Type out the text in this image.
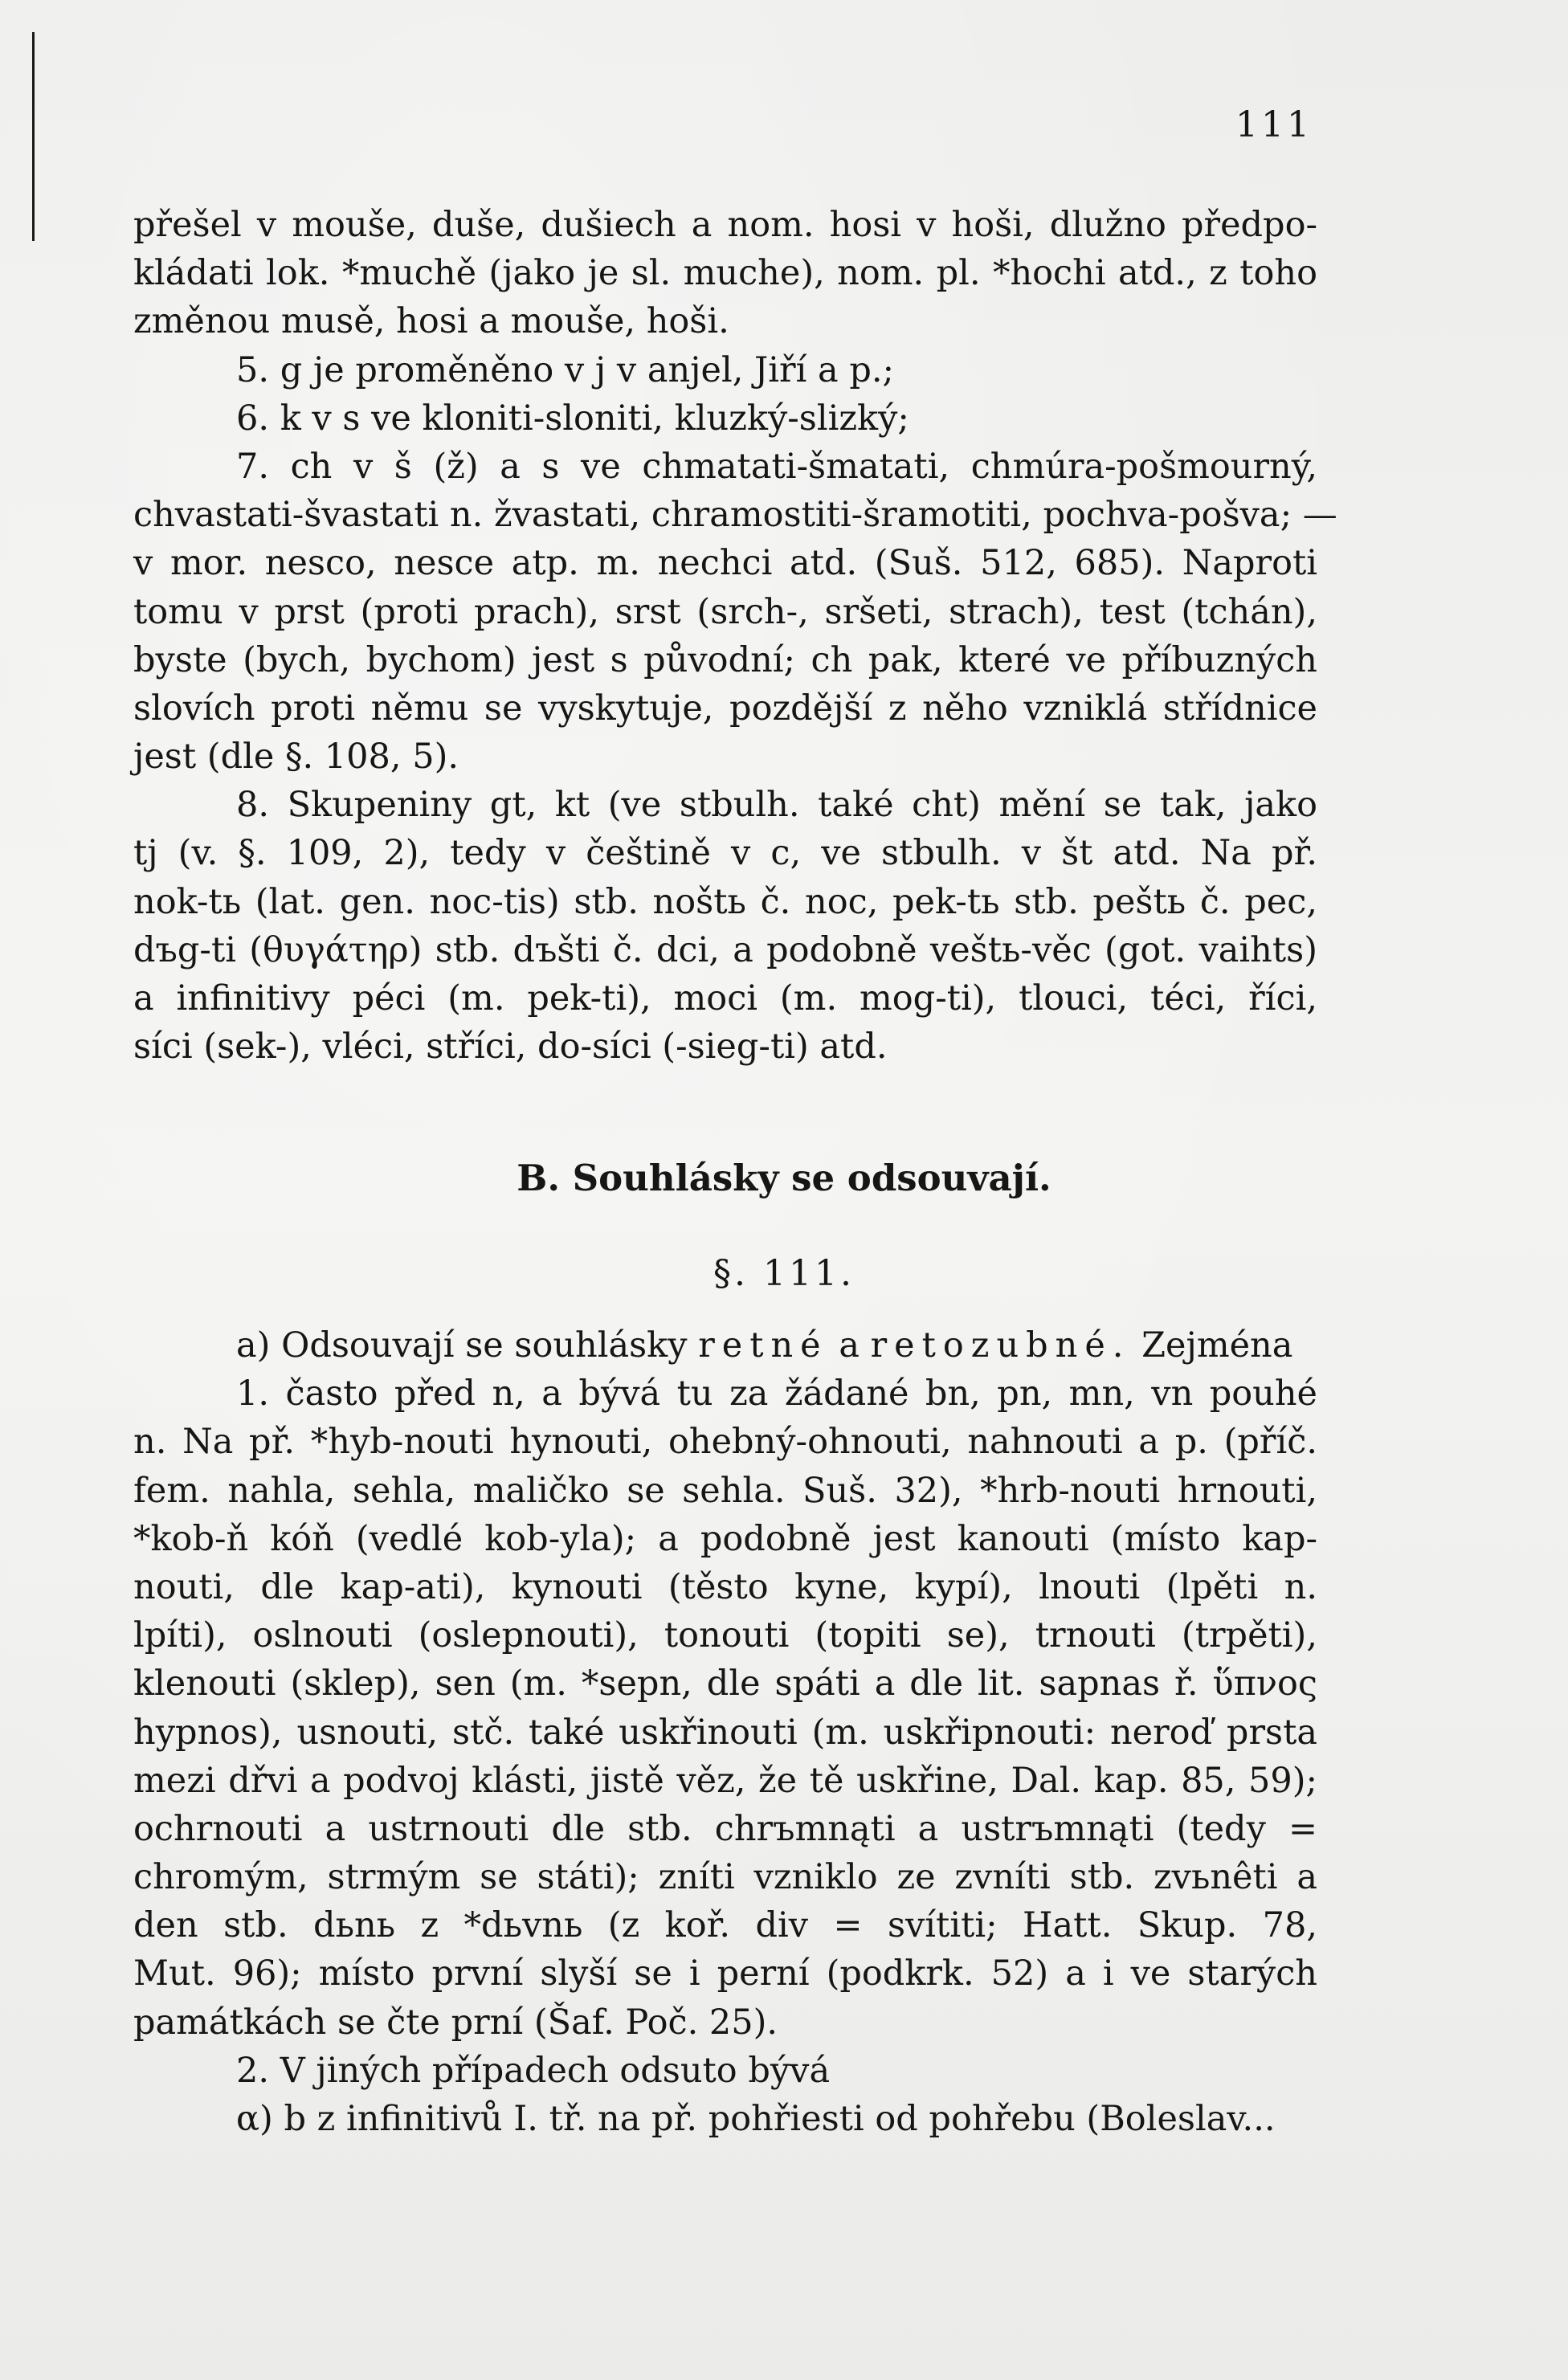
111
přešel v mouše, duše, dušiech a nom. hosi v hoši, dlužno předpo-
kládati lok. *muchě (jako je sl. muche), nom. pl. *hochi atd., z toho
změnou musě, hosi a mouše, hoši.
5. g je proměněno v j v anjel, Jiří a p.;
6. k v s ve kloniti-sloniti, kluzký-slizký;
7. ch v š (ž) a s ve chmatati-šmatati, chmúra-pošmourný,
chvastati-švastati n. žvastati, chramostiti-šramotiti, pochva-pošva; —
v mor. nesco, nesce atp. m. nechci atd. (Suš. 512, 685). Naproti
tomu v prst (proti prach), srst (srch-, sršeti, strach), test (tchán),
byste (bych, bychom) jest s původní; ch pak, které ve příbuzných
slovích proti němu se vyskytuje, pozdější z něho vzniklá střídnice
jest (dle §. 108, 5).
8. Skupeniny gt, kt (ve stbulh. také cht) mění se tak, jako
tj (v. §. 109, 2), tedy v češtině v c, ve stbulh. v št atd. Na př.
nok-tь (lat. gen. noc-tis) stb. noštь č. noc, pek-tь stb. peštь č. pec,
dъg-ti (θυγάτηρ) stb. dъšti č. dci, a podobně veštь-věc (got. vaihts)
a infinitivy péci (m. pek-ti), moci (m. mog-ti), tlouci, téci, říci,
síci (sek-), vléci, stříci, do-síci (-sieg-ti) atd.
B. Souhlásky se odsouvají.
§. 111.
a) Odsouvají se souhlásky retné a retozubné. Zejména
1. často před n, a bývá tu za žádané bn, pn, mn, vn pouhé
n. Na př. *hyb-nouti hynouti, ohebný-ohnouti, nahnouti a p. (příč.
fem. nahla, sehla, maličko se sehla. Suš. 32), *hrb-nouti hrnouti,
*kob-ň kóň (vedlé kob-yla); a podobně jest kanouti (místo kap-
nouti, dle kap-ati), kynouti (těsto kyne, kypí), lnouti (lpěti n.
lpíti), oslnouti (oslepnouti), tonouti (topiti se), trnouti (trpěti),
klenouti (sklep), sen (m. *sepn, dle spáti a dle lit. sapnas ř. ὕπνος
hypnos), usnouti, stč. také uskřinouti (m. uskřipnouti: neroď prsta
mezi dřvi a podvoj klásti, jistě věz, že tě uskřine, Dal. kap. 85, 59);
ochrnouti a ustrnouti dle stb. chrъmnąti a ustrъmnąti (tedy =
chromým, strmým se státi); zníti vzniklo ze zvníti stb. zvьnêti a
den stb. dьnь z *dьvnь (z koř. div = svítiti; Hatt. Skup. 78,
Mut. 96); místo první slyší se i perní (podkrk. 52) a i ve starých
památkách se čte prní (Šaf. Poč. 25).
2. V jiných případech odsuto bývá
α) b z infinitivů I. tř. na př. pohřiesti od pohřebu (Boleslav...
